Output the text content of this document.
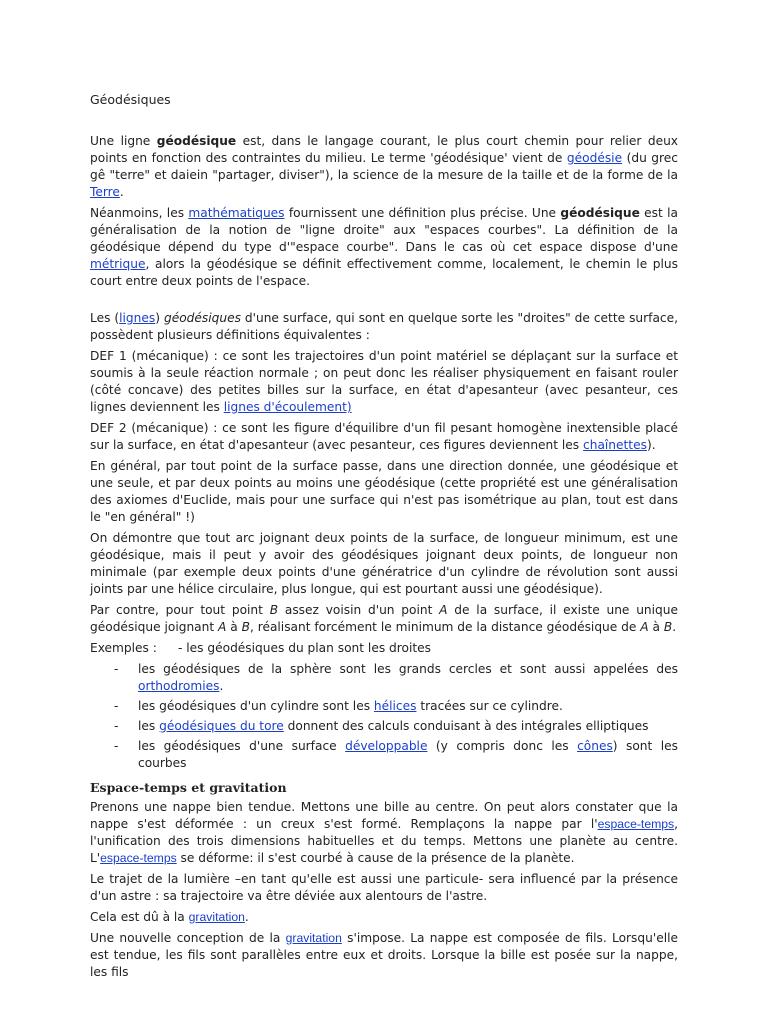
Géodésiques

Une ligne géodésique est, dans le langage courant, le plus court chemin pour relier deux points en fonction des contraintes du milieu. Le terme 'géodésique' vient de géodésie (du grec gê "terre" et daiein "partager, diviser"), la science de la mesure de la taille et de la forme de la Terre.

Néanmoins, les mathématiques fournissent une définition plus précise. Une géodésique est la généralisation de la notion de "ligne droite" aux "espaces courbes". La définition de la géodésique dépend du type d'"espace courbe". Dans le cas où cet espace dispose d'une métrique, alors la géodésique se définit effectivement comme, localement, le chemin le plus court entre deux points de l'espace.

Les (lignes) géodésiques d'une surface, qui sont en quelque sorte les "droites" de cette surface, possèdent plusieurs définitions équivalentes :

DEF 1 (mécanique) : ce sont les trajectoires d'un point matériel se déplaçant sur la surface et soumis à la seule réaction normale ; on peut donc les réaliser physiquement en faisant rouler (côté concave) des petites billes sur la surface, en état d'apesanteur (avec pesanteur, ces lignes deviennent les lignes d'écoulement)

DEF 2 (mécanique) : ce sont les figure d'équilibre d'un fil pesant homogène inextensible placé sur la surface, en état d'apesanteur (avec pesanteur, ces figures deviennent les chaînettes).

En général, par tout point de la surface passe, dans une direction donnée, une géodésique et une seule, et par deux points au moins une géodésique (cette propriété est une généralisation des axiomes d'Euclide, mais pour une surface qui n'est pas isométrique au plan, tout est dans le "en général" !)

On démontre que tout arc joignant deux points de la surface, de longueur minimum, est une géodésique, mais il peut y avoir des géodésiques joignant deux points, de longueur non minimale (par exemple deux points d'une génératrice d'un cylindre de révolution sont aussi joints par une hélice circulaire, plus longue, qui est pourtant aussi une géodésique).

Par contre, pour tout point B assez voisin d'un point A de la surface, il existe une unique géodésique joignant A à B, réalisant forcément le minimum de la distance géodésique de A à B.

Exemples :	- les géodésiques du plan sont les droites
-	les géodésiques de la sphère sont les grands cercles et sont aussi appelées des orthodromies.
-	les géodésiques d'un cylindre sont les hélices tracées sur ce cylindre.
-	les géodésiques du tore donnent des calculs conduisant à des intégrales elliptiques
-	les géodésiques d'une surface développable (y compris donc les cônes) sont les courbes
Espace-temps et gravitation

Prenons une nappe bien tendue. Mettons une bille au centre. On peut alors constater que la nappe s'est déformée : un creux s'est formé. Remplaçons la nappe par l'espace-temps, l'unification des trois dimensions habituelles et du temps. Mettons une planète au centre. L'espace-temps se déforme: il s'est courbé à cause de la présence de la planète.

Le trajet de la lumière –en tant qu'elle est aussi une particule- sera influencé par la présence d'un astre : sa trajectoire va être déviée aux alentours de l'astre.

Cela est dû à la gravitation.

Une nouvelle conception de la gravitation s'impose. La nappe est composée de fils. Lorsqu'elle est tendue, les fils sont parallèles entre eux et droits. Lorsque la bille est posée sur la nappe, les fils
